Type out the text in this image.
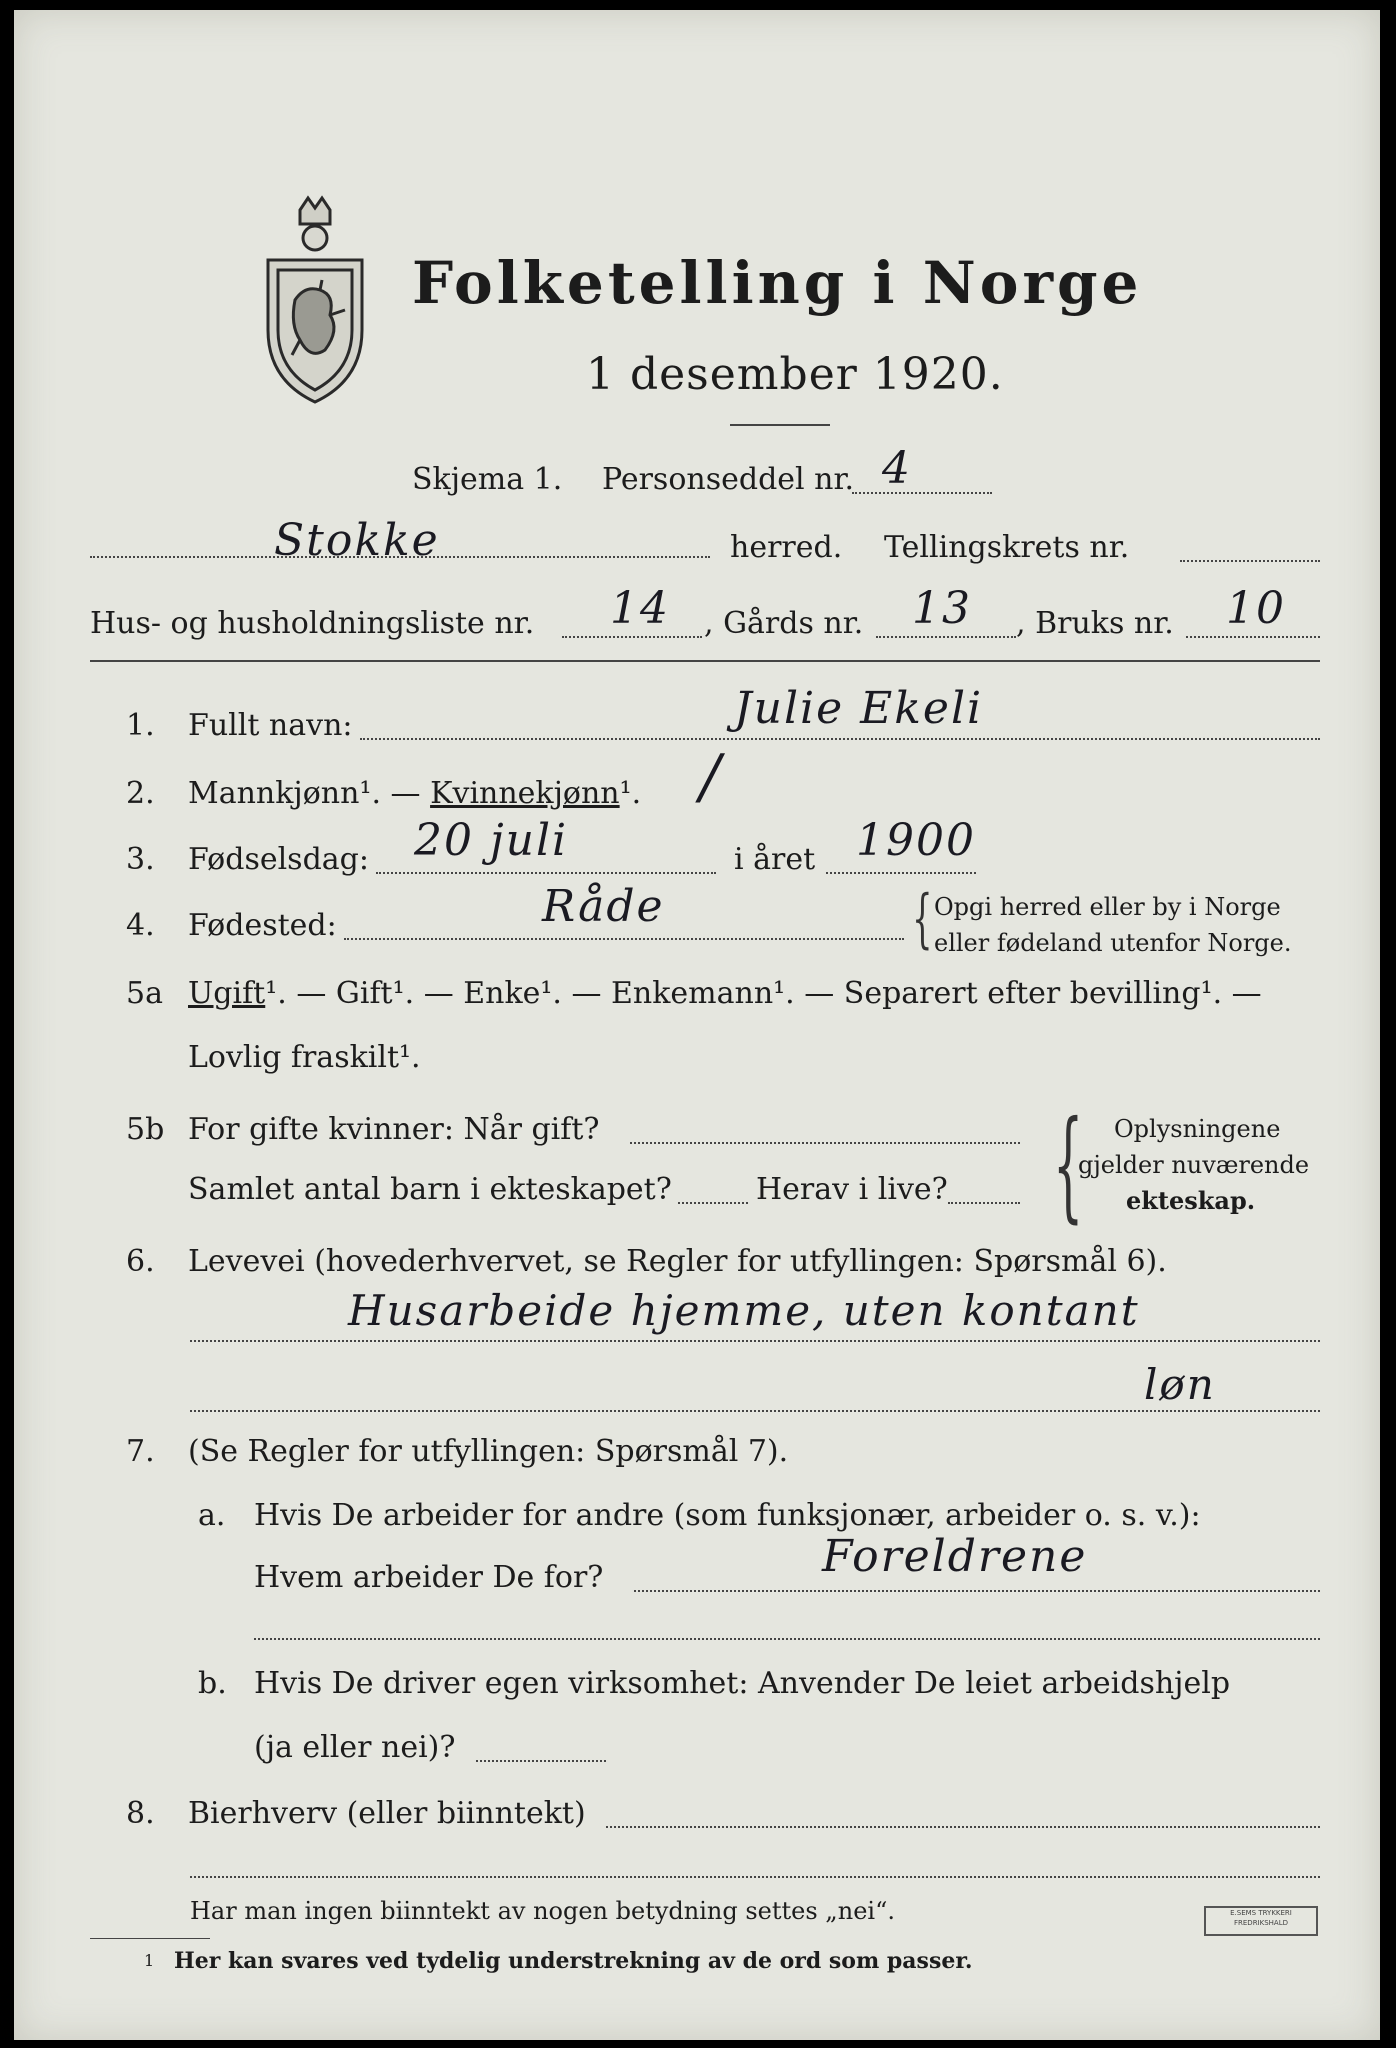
Folketelling i Norge
1 desember 1920.
Skjema 1. Personseddel nr. 4
Stokke	herred. Tellingskrets nr.
Hus- og husholdningsliste nr. 14 , Gårds nr. 13 , Bruks nr. 10
1. Fullt navn:	Julie Ekeli
2. Mannkjønn¹. — Kvinnekjønn¹. /
3. Fødselsdag: 20 juli	i året 1900
4. Fødested:	Råde	{ Opgi herred eller by i Norge
eller fødeland utenfor Norge.
5a Ugift¹. — Gift¹. — Enke¹. — Enkemann¹. — Separert efter bevilling¹. —
Lovlig fraskilt¹.
5b For gifte kvinner: Når gift?
Samlet antal barn i ekteskapet?	Herav i live? { Oplysningene
gjelder nuværende
ekteskap.
6. Levevei (hovederhvervet, se Regler for utfyllingen: Spørsmål 6).
Husarbeide hjemme, uten kontant
løn
7. (Se Regler for utfyllingen: Spørsmål 7).
a. Hvis De arbeider for andre (som funksjonær, arbeider o. s. v.):
Hvem arbeider De for?	Foreldrene
b. Hvis De driver egen virksomhet: Anvender De leiet arbeidshjelp
(ja eller nei)?
8. Bierhverv (eller biinntekt)
Har man ingen biinntekt av nogen betydning settes „nei“.
1 Her kan svares ved tydelig understrekning av de ord som passer.
E.SEMS TRYKKERI
FREDRIKSHALD
